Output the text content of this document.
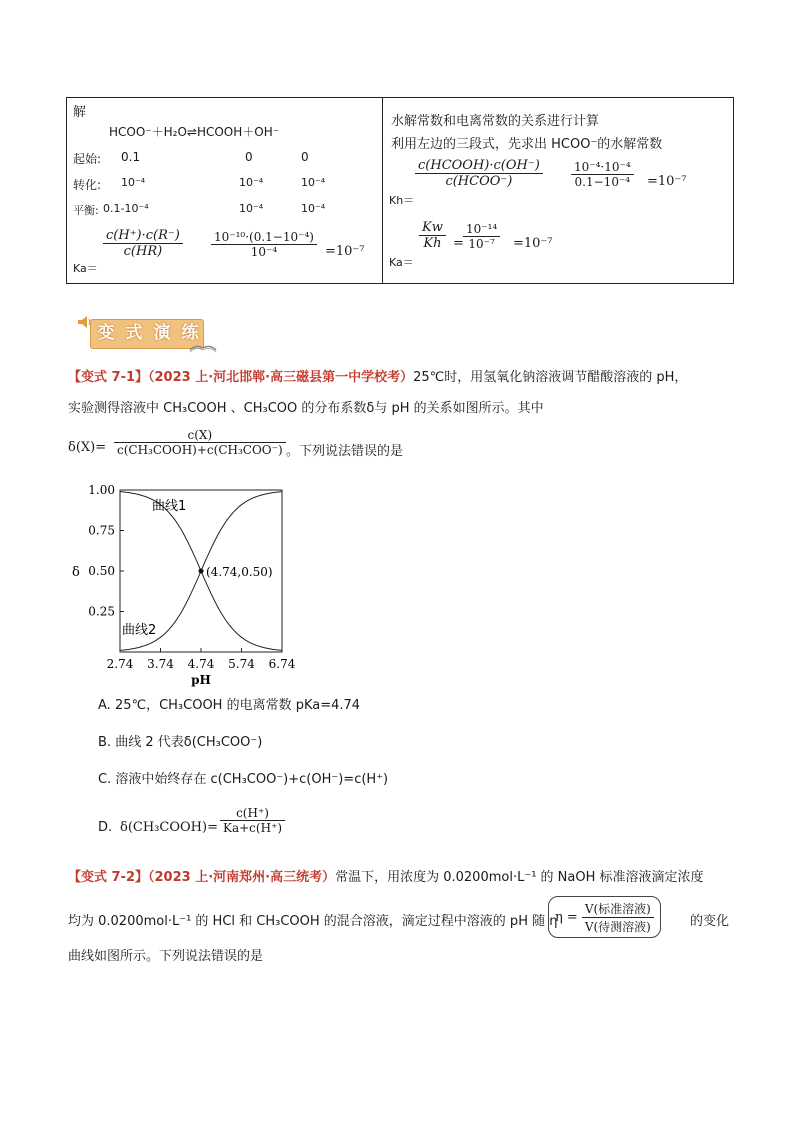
解
HCOO⁻＋H₂O⇌HCOOH＋OH⁻
起始: 0.1	0	0
转化: 10⁻⁴	10⁻⁴	10⁻⁴
平衡: 0.1-10⁻⁴	10⁻⁴	10⁻⁴
Ka＝
c(H⁺)·c(R⁻)
c(HR)
10⁻¹⁰·(0.1−10⁻⁴)
10⁻⁴	=10⁻⁷
水解常数和电离常数的关系进行计算
利用左边的三段式，先求出 HCOO⁻的水解常数
Kh＝
c(HCOOH)·c(OH⁻)
c(HCOO⁻)
10⁻⁴·10⁻⁴
0.1−10⁻⁴ =10⁻⁷
Ka＝
Kw
Kh =
10⁻¹⁴
10⁻⁷ =10⁻⁷
变 式 演 练
【变式 7-1】（2023 上·河北邯郸·高三磁县第一中学校考）25℃时，用氢氧化钠溶液调节醋酸溶液的 pH，
实验测得溶液中 CH₃COOH 、CH₃COO 的分布系数δ与 pH 的关系如图所示。其中
δ(X)=
c(X)
c(CH₃COOH)+c(CH₃COO⁻) 。下列说法错误的是
2.74 3.74 4.74 5.74 6.74
1.00
0.75
0.50
0.25
(4.74,0.50)
曲线1
曲线2
δ
pH
A. 25℃，CH₃COOH 的电离常数 pKa=4.74
B. 曲线 2 代表δ(CH₃COO⁻)
C. 溶液中始终存在 c(CH₃COO⁻)+c(OH⁻)=c(H⁺)
D. δ(CH₃COOH)=
c(H⁺)
Ka+c(H⁺)
【变式 7-2】（2023 上·河南郑州·高三统考）常温下，用浓度为 0.0200mol·L⁻¹ 的 NaOH 标准溶液滴定浓度
均为 0.0200mol·L⁻¹ 的 HCl 和 CH₃COOH 的混合溶液，滴定过程中溶液的 pH 随 η
$\eta = \frac{\text{V(标准溶液)}}{\text{V(待测溶液)}}$	的变化
曲线如图所示。下列说法错误的是
